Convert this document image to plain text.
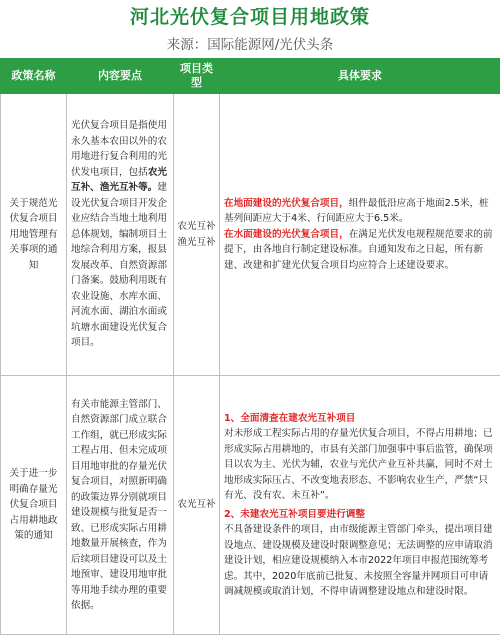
河北光伏复合项目用地政策
来源：国际能源网/光伏头条
政策名称	内容要点	项目类型	具体要求
关于规范光伏复合项目用地管理有关事项的通知	光伏复合项目是指使用永久基本农田以外的农用地进行复合利用的光伏发电项目，包括农光互补、渔光互补等。建设光伏复合项目开发企业应结合当地土地利用总体规划，编制项目土地综合利用方案，报县发展改革、自然资源部门备案。鼓励利用既有农业设施、水库水面、河流水面、湖泊水面或坑塘水面建设光伏复合项目。	农光互补渔光互补	在地面建设的光伏复合项目，组件最低沿应高于地面2.5米，桩基列间距应大于4米、行间距应大于6.5米。
在水面建设的光伏复合项目，在满足光伏发电规程规范要求的前提下，由各地自行制定建设标准。自通知发布之日起，所有新建、改建和扩建光伏复合项目均应符合上述建设要求。
关于进一步明确存量光伏复合项目占用耕地政策的通知	有关市能源主管部门、自然资源部门成立联合工作组，就已形成实际工程占用、但未完成项目用地审批的存量光伏复合项目，对照新明确的政策边界分别就项目建设规模与批复是否一致、已形成实际占用耕地数量开展核查，作为后续项目建设可以及土地预审、建设用地审批等用地手续办理的重要依据。	农光互补	1、全面清查在建农光互补项目
对未形成工程实际占用的存量光伏复合项目，不得占用耕地；已形成实际占用耕地的，市县有关部门加强事中事后监管，确保项目以农为主、光伏为辅，农业与光伏产业互补共赢，同时不对土地形成实际压占、不改变地表形态、不影响农业生产，严禁“只有光、没有农、未互补”。
2、未建农光互补项目要进行调整
不具备建设条件的项目，由市级能源主管部门牵头，提出项目建设地点、建设规模及建设时限调整意见；无法调整的应申请取消建设计划，相应建设规模纳入本市2022年项目申报范围统筹考虑。其中，2020年底前已批复、未按照全容量并网项目可申请调减规模或取消计划，不得申请调整建设地点和建设时限。
